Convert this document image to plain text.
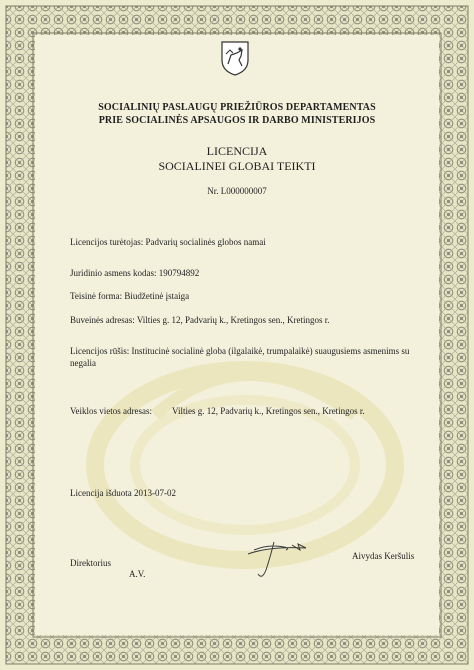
SOCIALINIŲ PASLAUGŲ PRIEŽIŪROS DEPARTAMENTAS
PRIE SOCIALINĖS APSAUGOS IR DARBO MINISTERIJOS
LICENCIJA
SOCIALINEI GLOBAI TEIKTI
Nr. L000000007
Licencijos turėtojas: Padvarių socialinės globos namai
Juridinio asmens kodas: 190794892
Teisinė forma: Biudžetinė įstaiga
Buveinės adresas: Vilties g. 12, Padvarių k., Kretingos sen., Kretingos r.
Licencijos rūšis: Institucinė socialinė globa (ilgalaikė, trumpalaikė) suaugusiems asmenims su
negalia
Veiklos vietos adresas: Vilties g. 12, Padvarių k., Kretingos sen., Kretingos r.
Licencija išduota 2013-07-02
Direktorius
A.V.
Aivydas Keršulis
